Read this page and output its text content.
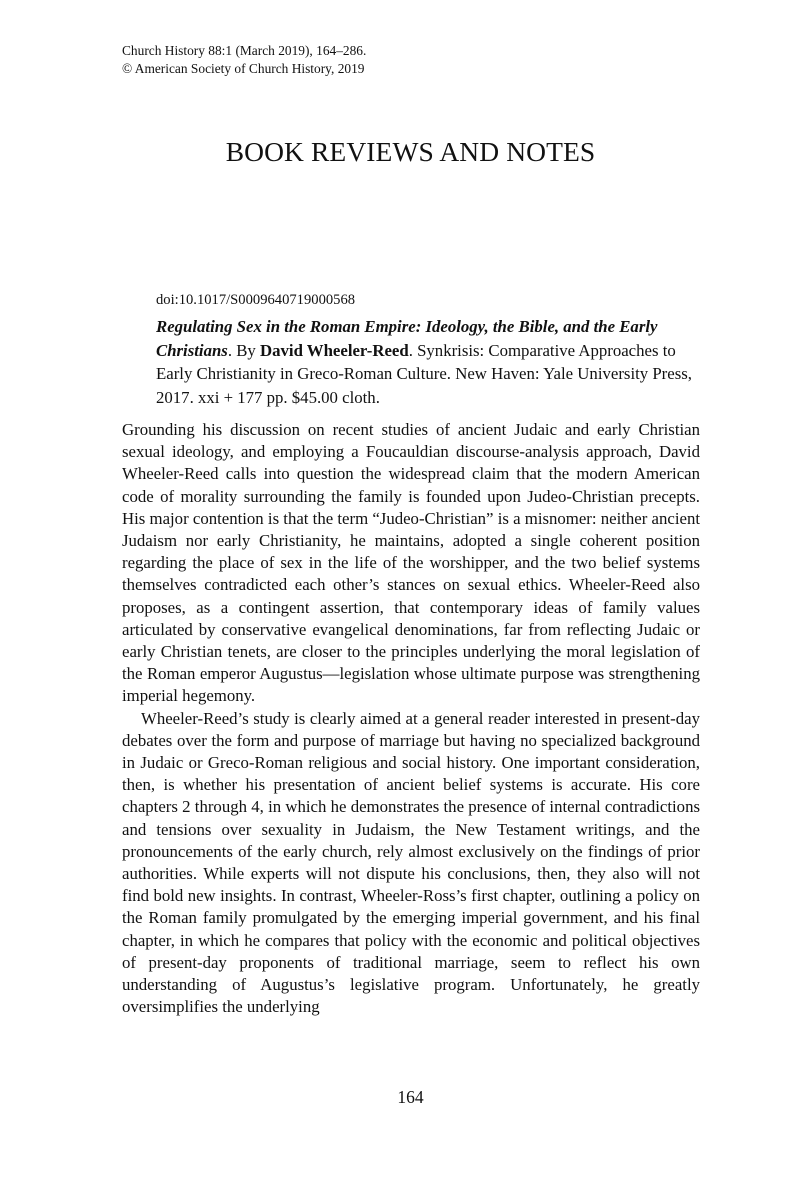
Church History 88:1 (March 2019), 164–286.
© American Society of Church History, 2019
BOOK REVIEWS AND NOTES
doi:10.1017/S0009640719000568

Regulating Sex in the Roman Empire: Ideology, the Bible, and the Early Christians. By David Wheeler-Reed. Synkrisis: Comparative Approaches to Early Christianity in Greco-Roman Culture. New Haven: Yale University Press, 2017. xxi + 177 pp. $45.00 cloth.

Grounding his discussion on recent studies of ancient Judaic and early Christian sexual ideology, and employing a Foucauldian discourse-analysis approach, David Wheeler-Reed calls into question the widespread claim that the modern American code of morality surrounding the family is founded upon Judeo-Christian precepts. His major contention is that the term “Judeo-Christian” is a misnomer: neither ancient Judaism nor early Christianity, he maintains, adopted a single coherent position regarding the place of sex in the life of the worshipper, and the two belief systems themselves contradicted each other’s stances on sexual ethics. Wheeler-Reed also proposes, as a contingent assertion, that contemporary ideas of family values articulated by conservative evangelical denominations, far from reflecting Judaic or early Christian tenets, are closer to the principles underlying the moral legislation of the Roman emperor Augustus—legislation whose ultimate purpose was strengthening imperial hegemony.

Wheeler-Reed’s study is clearly aimed at a general reader interested in present-day debates over the form and purpose of marriage but having no specialized background in Judaic or Greco-Roman religious and social history. One important consideration, then, is whether his presentation of ancient belief systems is accurate. His core chapters 2 through 4, in which he demonstrates the presence of internal contradictions and tensions over sexuality in Judaism, the New Testament writings, and the pronouncements of the early church, rely almost exclusively on the findings of prior authorities. While experts will not dispute his conclusions, then, they also will not find bold new insights. In contrast, Wheeler-Ross’s first chapter, outlining a policy on the Roman family promulgated by the emerging imperial government, and his final chapter, in which he compares that policy with the economic and political objectives of present-day proponents of traditional marriage, seem to reflect his own understanding of Augustus’s legislative program. Unfortunately, he greatly oversimplifies the underlying

164
